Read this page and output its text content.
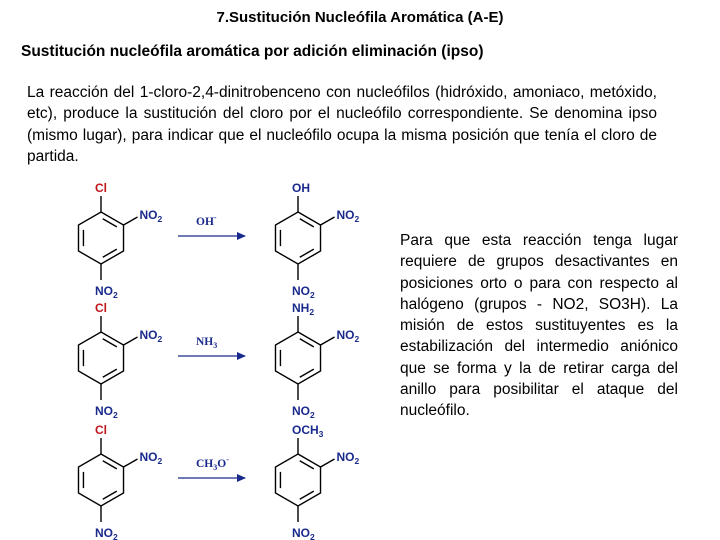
7.Sustitución Nucleófila Aromática (A-E)
Sustitución nucleófila aromática por adición eliminación (ipso)
La reacción del 1-cloro-2,4-dinitrobenceno con nucleófilos (hidróxido, amoniaco, metóxido, etc), produce la sustitución del cloro por el nucleófilo correspondiente. Se denomina ipso (mismo lugar), para indicar que el nucleófilo ocupa la misma posición que tenía el cloro de partida.
Cl
$NO_2$
$NO_2$
OH
$NO_2$
$NO_2$
OH-
Cl
$NO_2$
$NO_2$
$NH_2$
$NO_2$
$NO_2$
$NH_3$
Cl
$NO_2$
$NO_2$
$OCH_3$
$NO_2$
$NO_2$
$CH_3O^-$
Para que esta reacción tenga lugar requiere de grupos desactivantes en posiciones orto o para con respecto al halógeno (grupos - NO2, SO3H). La misión de estos sustituyentes es la estabilización del intermedio aniónico que se forma y la de retirar carga del anillo para posibilitar el ataque del nucleófilo.
